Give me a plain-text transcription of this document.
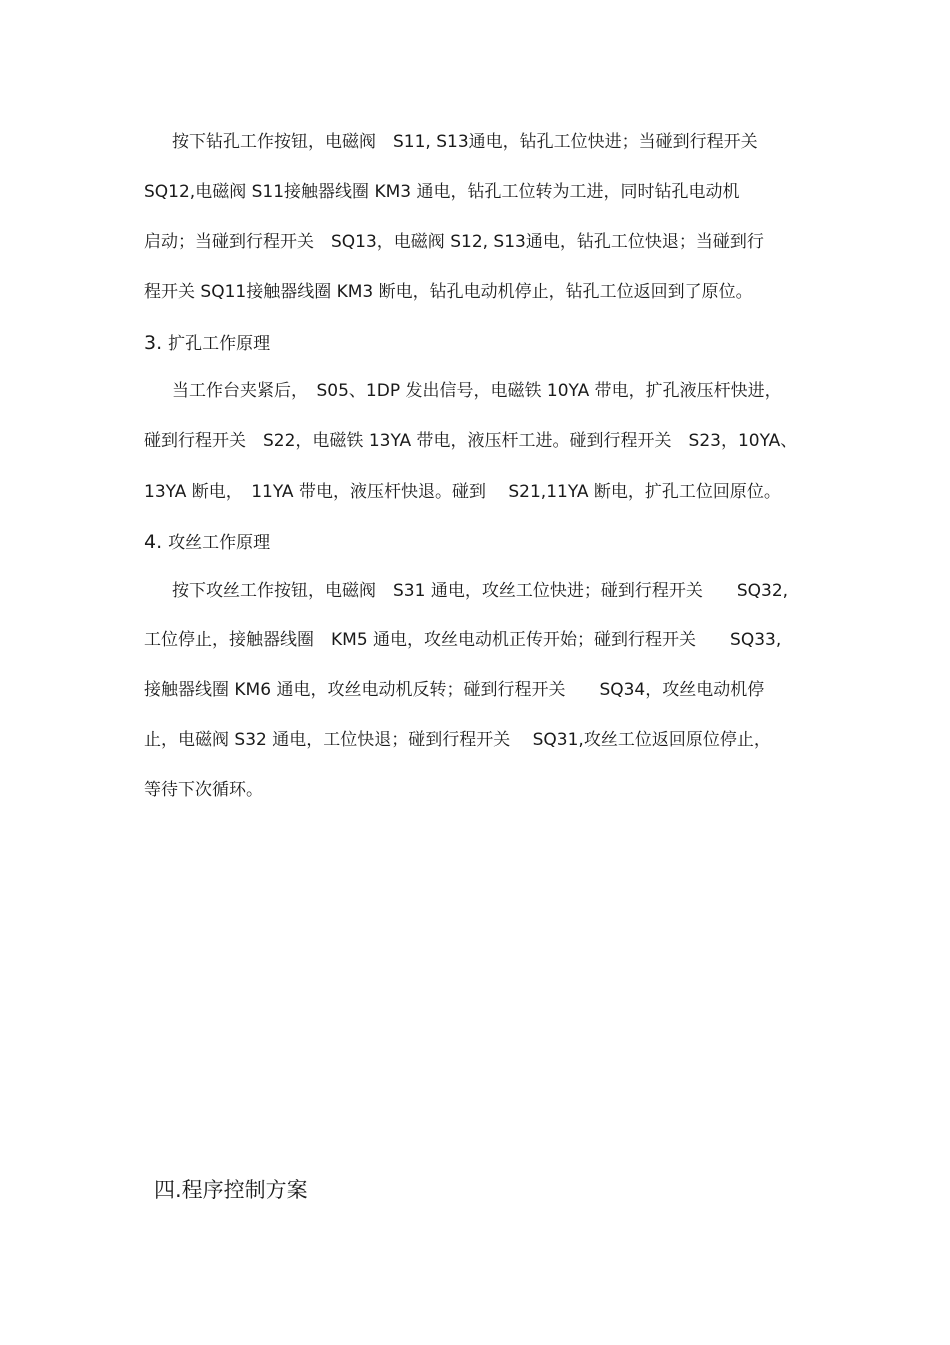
按下钻孔工作按钮，电磁阀　S11, S13通电，钻孔工位快进；当碰到行程开关
SQ12,电磁阀 S11接触器线圈 KM3 通电，钻孔工位转为工进，同时钻孔电动机
启动；当碰到行程开关　SQ13，电磁阀 S12, S13通电，钻孔工位快退；当碰到行
程开关 SQ11接触器线圈 KM3 断电，钻孔电动机停止，钻孔工位返回到了原位。
3. 扩孔工作原理
当工作台夹紧后，　S05、1DP 发出信号，电磁铁 10YA 带电，扩孔液压杆快进，
碰到行程开关　S22，电磁铁 13YA 带电，液压杆工进。碰到行程开关　S23，10YA、
13YA 断电，　11YA 带电，液压杆快退。碰到　 S21,11YA 断电，扩孔工位回原位。
4. 攻丝工作原理
按下攻丝工作按钮，电磁阀　S31 通电，攻丝工位快进；碰到行程开关　　SQ32,
工位停止，接触器线圈　KM5 通电，攻丝电动机正传开始；碰到行程开关　　SQ33,
接触器线圈 KM6 通电，攻丝电动机反转；碰到行程开关　　SQ34，攻丝电动机停
止，电磁阀 S32 通电，工位快退；碰到行程开关　 SQ31,攻丝工位返回原位停止，
等待下次循环。
四.程序控制方案
